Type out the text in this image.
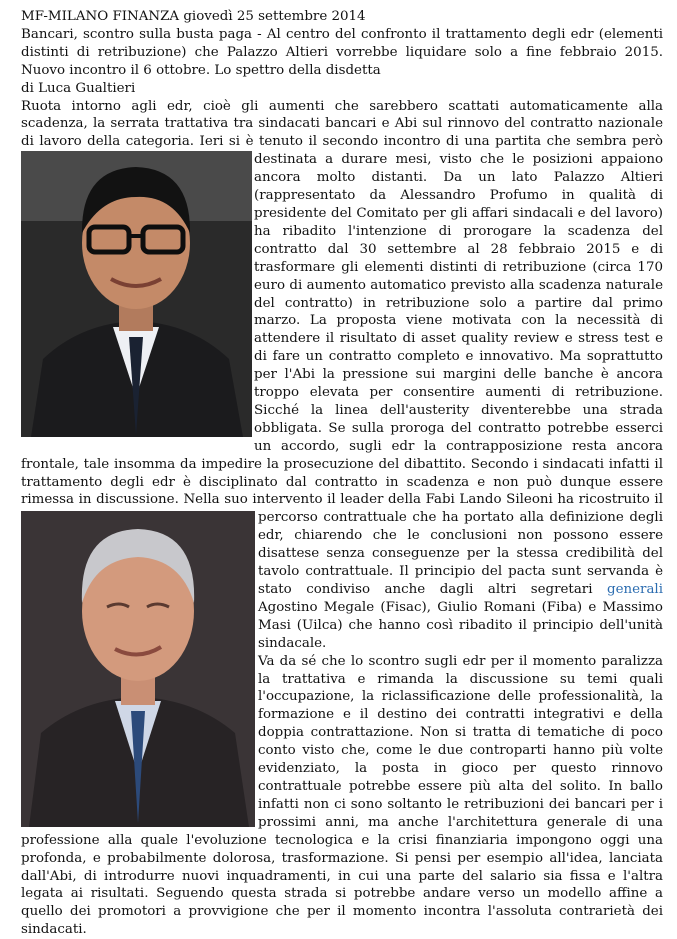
MF-MILANO FINANZA giovedì 25 settembre 2014

Bancari, scontro sulla busta paga - Al centro del confronto il trattamento degli edr (elementi distinti di retribuzione) che Palazzo Altieri vorrebbe liquidare solo a fine febbraio 2015. Nuovo incontro il 6 ottobre. Lo spettro della disdetta

di Luca Gualtieri

Ruota intorno agli edr, cioè gli aumenti che sarebbero scattati automaticamente alla scadenza, la serrata trattativa tra sindacati bancari e Abi sul rinnovo del contratto nazionale di lavoro della categoria. Ieri si è tenuto il secondo incontro di una partita che sembra però destinata a durare
mesi, visto che le posizioni appaiono ancora molto distanti. Da un lato Palazzo Altieri (rappresentato da Alessandro Profumo in qualità di presidente del Comitato per gli affari sindacali e del lavoro) ha ribadito l'intenzione di prorogare la scadenza del contratto dal 30 settembre al 28 febbraio 2015 e di trasformare gli elementi distinti di retribuzione (circa 170 euro di aumento automatico previsto alla scadenza naturale del contratto) in retribuzione solo a partire dal primo marzo. La proposta viene motivata con la necessità di attendere il risultato di asset quality review e stress test e di fare un contratto completo e innovativo. Ma soprattutto per l'Abi la pressione sui margini delle banche è ancora troppo elevata per consentire aumenti di retribuzione. Sicché la linea dell'austerity diventerebbe una strada obbligata. Se sulla proroga del contratto potrebbe esserci un accordo, sugli edr la contrapposizione resta ancora frontale, tale insomma da impedire la prosecuzione del dibattito. Secondo i sindacati infatti il trattamento degli edr è disciplinato dal contratto in scadenza e non può dunque essere rimessa in discussione. Nella suo intervento il leader della Fabi Lando Sileoni ha ricostruito il percorso
contrattuale che ha portato alla definizione degli edr, chiarendo che le conclusioni non possono essere disattese senza conseguenze per la stessa credibilità del tavolo contrattuale. Il principio del pacta sunt servanda è stato condiviso anche dagli altri segretari generali Agostino Megale (Fisac), Giulio Romani (Fiba) e Massimo Masi (Uilca) che hanno così ribadito il principio dell'unità sindacale.

Va da sé che lo scontro sugli edr per il momento paralizza la trattativa e rimanda la discussione su temi quali l'occupazione, la riclassificazione delle professionalità, la formazione e il destino dei contratti integrativi e della doppia contrattazione. Non si tratta di tematiche di poco conto visto che, come le due controparti hanno più volte evidenziato, la posta in gioco per questo rinnovo contrattuale potrebbe essere più alta del solito. In ballo infatti non ci sono soltanto le retribuzioni dei bancari per i prossimi anni, ma anche l'architettura generale di una professione alla quale l'evoluzione tecnologica e la crisi finanziaria impongono oggi una profonda, e probabilmente dolorosa, trasformazione. Si pensi per esempio all'idea, lanciata dall'Abi, di introdurre nuovi inquadramenti, in cui una parte del salario sia fissa e l'altra legata ai risultati. Seguendo questa strada si potrebbe andare verso un modello affine a quello dei promotori a provvigione che per il momento incontra l'assoluta contrarietà dei sindacati.
